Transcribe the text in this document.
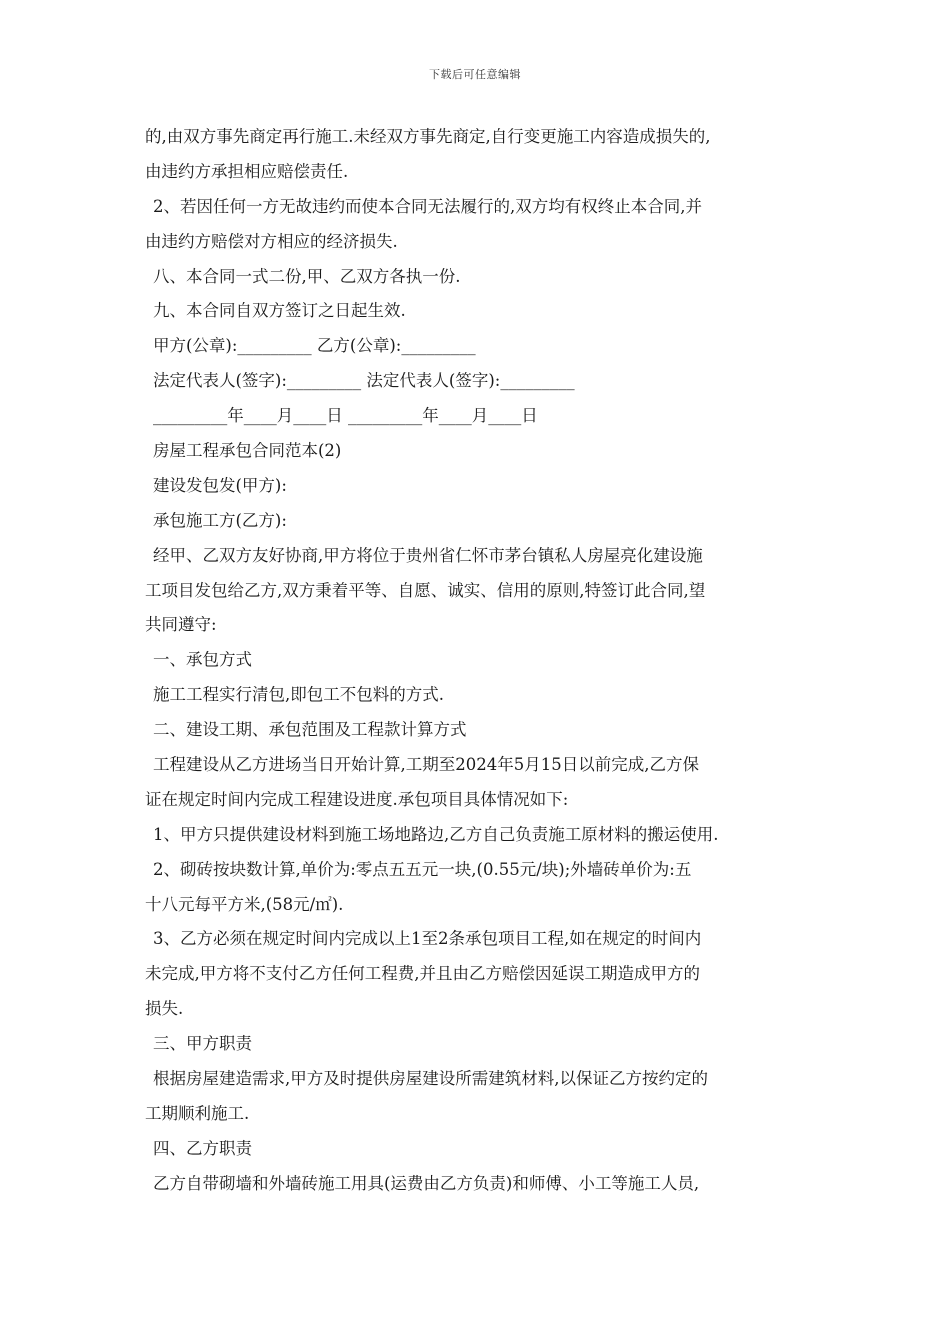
下载后可任意编辑
的,由双方事先商定再行施工.未经双方事先商定,自行变更施工内容造成损失的,
由违约方承担相应赔偿责任.
2、若因任何一方无故违约而使本合同无法履行的,双方均有权终止本合同,并
由违约方赔偿对方相应的经济损失.
八、本合同一式二份,甲、乙双方各执一份.
九、本合同自双方签订之日起生效.
甲方(公章):_________ 乙方(公章):_________
法定代表人(签字):_________ 法定代表人(签字):_________
_________年____月____日 _________年____月____日
房屋工程承包合同范本(2)
建设发包发(甲方):
承包施工方(乙方):
经甲、乙双方友好协商,甲方将位于贵州省仁怀市茅台镇私人房屋亮化建设施
工项目发包给乙方,双方秉着平等、自愿、诚实、信用的原则,特签订此合同,望
共同遵守:
一、承包方式
施工工程实行清包,即包工不包料的方式.
二、建设工期、承包范围及工程款计算方式
工程建设从乙方进场当日开始计算,工期至2024年5月15日以前完成,乙方保
证在规定时间内完成工程建设进度.承包项目具体情况如下:
1、甲方只提供建设材料到施工场地路边,乙方自己负责施工原材料的搬运使用.
2、砌砖按块数计算,单价为:零点五五元一块,(0.55元/块);外墙砖单价为:五
十八元每平方米,(58元/㎡).
3、乙方必须在规定时间内完成以上1至2条承包项目工程,如在规定的时间内
未完成,甲方将不支付乙方任何工程费,并且由乙方赔偿因延误工期造成甲方的
损失.
三、甲方职责
根据房屋建造需求,甲方及时提供房屋建设所需建筑材料,以保证乙方按约定的
工期顺利施工.
四、乙方职责
乙方自带砌墙和外墙砖施工用具(运费由乙方负责)和师傅、小工等施工人员,
